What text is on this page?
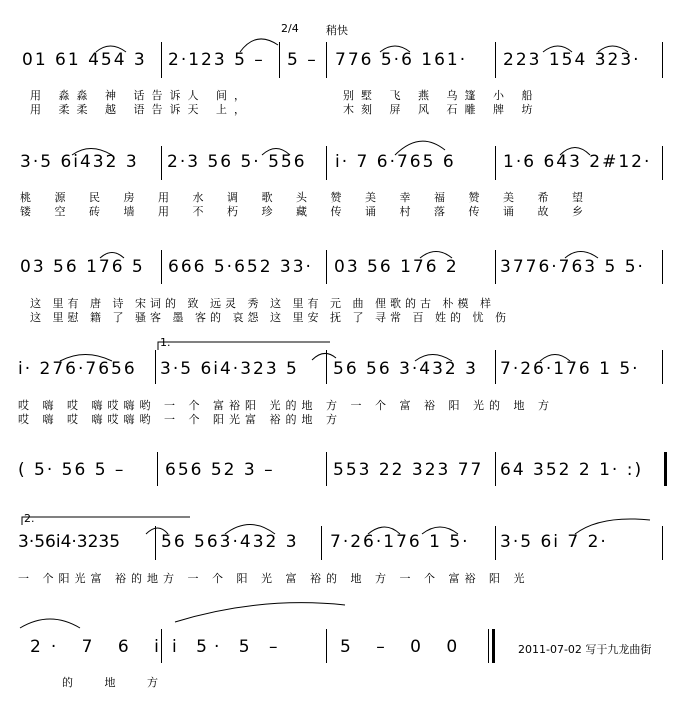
2/4 稍快
01 61 454 3 2·123 5 – 5 – 776 5·6 161· 223 154 323·
用 淼淼 神 话告诉人 间，	别墅 飞 燕 乌篷 小 船
用 柔柔 越 语告诉天 上，	木刻 屏 风 石雕 牌 坊
3·5 6i432 3 2·3 56 5· 556 i· 7 6·765 6	1·6 643 2#12·
桃 源 民 房 用 水 调 歌 头 赞 美 幸 福 赞 美 希 望
镂 空 砖 墙 用 不 朽 珍 藏 传 诵 村 落 传 诵 故 乡
03 56 176 5 666 5·652 33· 03 56 176 2 3776·763 5 5·
这 里有 唐 诗 宋词的 致 远灵 秀 这 里有 元 曲 俚歌的古 朴模 样
这 里慰 籍 了 骚客 墨 客的 哀怨 这 里安 抚 了 寻常 百 姓的 忧 伤
1.
i· 276·7656 3·5 6i4·323 5 56 56 3·432 3 7·26·176 1 5·
哎 嗨 哎 嗨哎嗨哟 一 个 富裕阳 光的地 方 一 个 富 裕 阳 光的 地 方
哎 嗨 哎 嗨哎嗨哟 一 个 阳光富 裕的地 方
( 5· 56 5 – 656 52 3 –	553 22 323 77 64 352 2 1· :)
2.
3·56i4·3235 56 563·432 3 7·26·176 1 5· 3·5 6i 7 2·
一 个阳光富 裕的地方 一 个 阳 光 富 裕的 地 方 一 个 富裕 阳 光
2· 7 6 i i 5· 5 –	5 – 0 0
的 地 方
2011-07-02 写于九龙曲街
